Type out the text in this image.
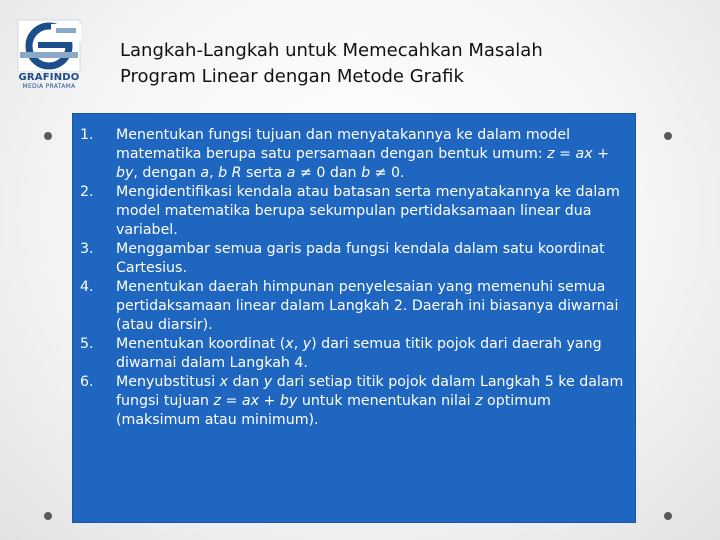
GRAFINDO
MEDIA PRATAMA
Langkah-Langkah untuk Memecahkan Masalah
Program Linear dengan Metode Grafik
1. Menentukan fungsi tujuan dan menyatakannya ke dalam model matematika berupa satu persamaan dengan bentuk umum: z = ax + by, dengan a, b R serta a ≠ 0 dan b ≠ 0.
2. Mengidentifikasi kendala atau batasan serta menyatakannya ke dalam model matematika berupa sekumpulan pertidaksamaan linear dua variabel.
3. Menggambar semua garis pada fungsi kendala dalam satu koordinat Cartesius.
4. Menentukan daerah himpunan penyelesaian yang memenuhi semua pertidaksamaan linear dalam Langkah 2. Daerah ini biasanya diwarnai (atau diarsir).
5. Menentukan koordinat (x, y) dari semua titik pojok dari daerah yang diwarnai dalam Langkah 4.
6. Menyubstitusi x dan y dari setiap titik pojok dalam Langkah 5 ke dalam fungsi tujuan z = ax + by untuk menentukan nilai z optimum (maksimum atau minimum).
